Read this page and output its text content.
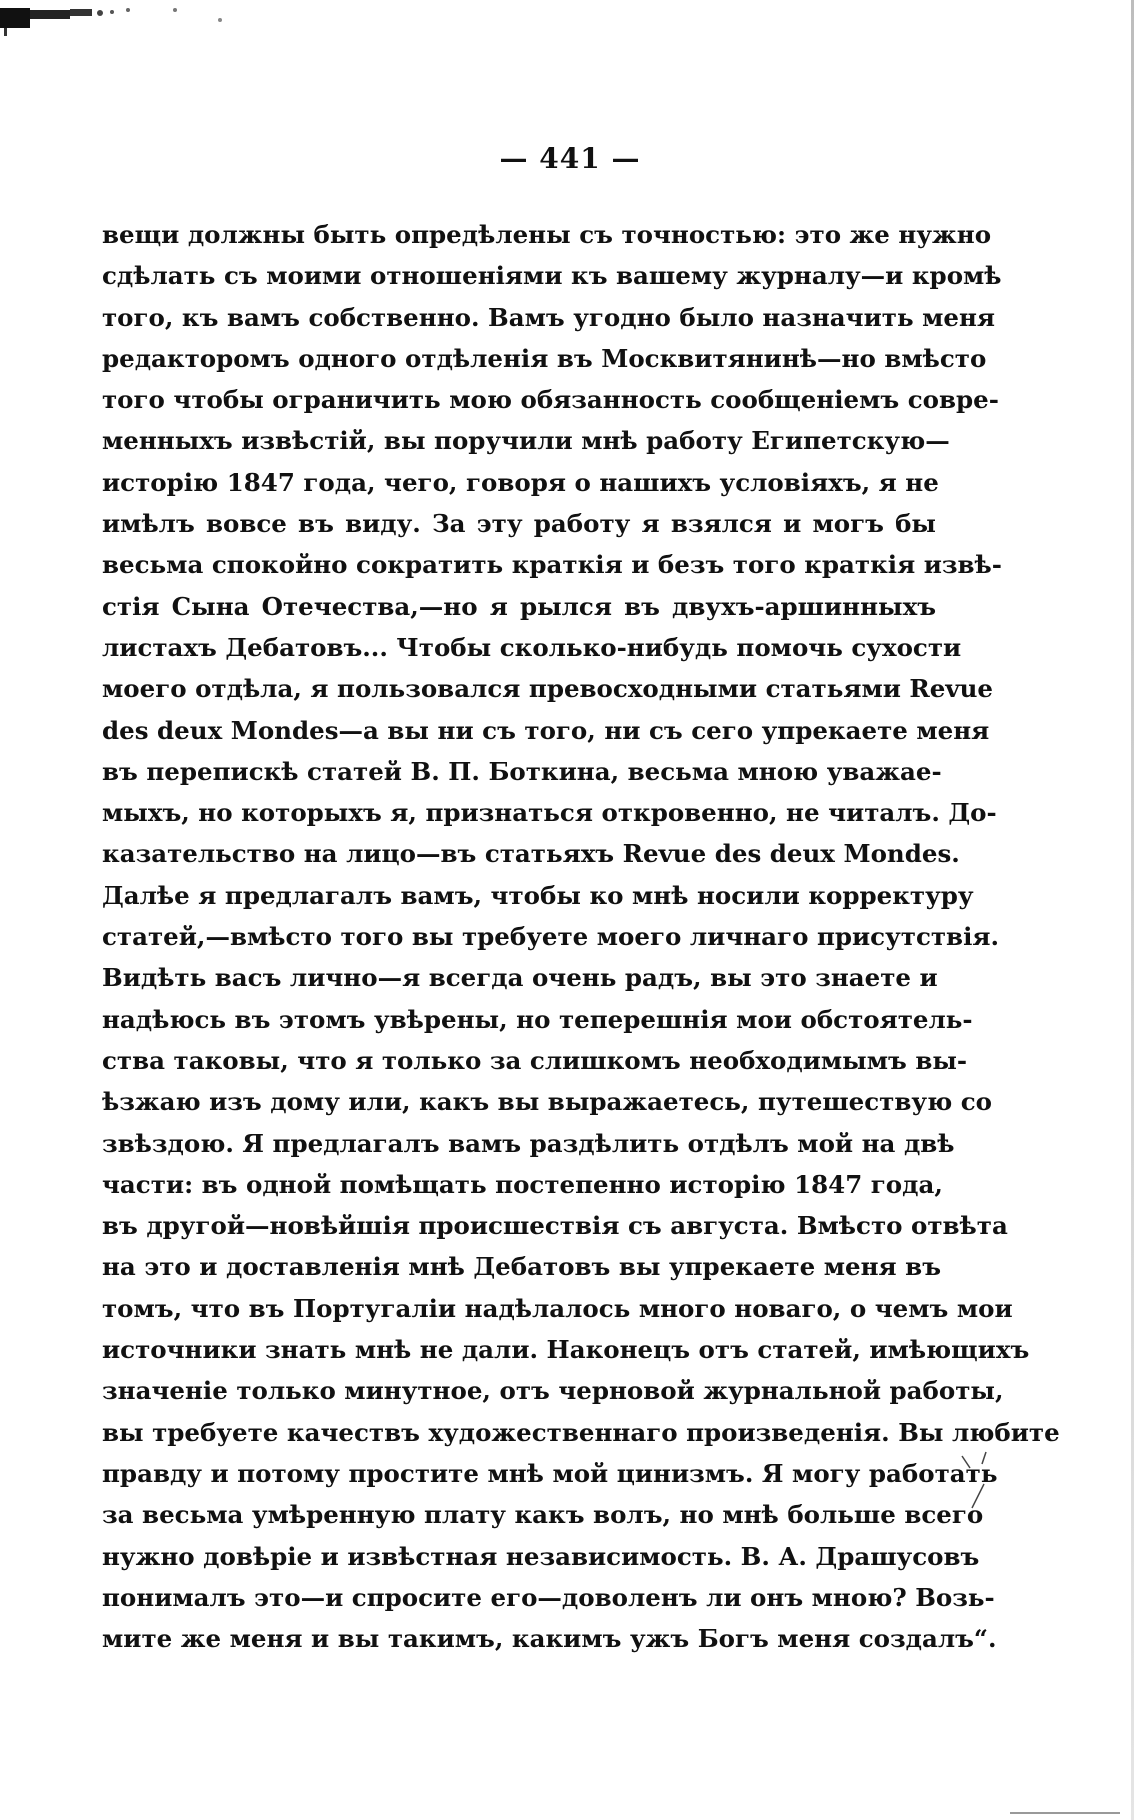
— 441 —
вещи должны быть опредѣлены съ точностью: это же нужно
сдѣлать съ моими отношеніями къ вашему журналу—и кромѣ
того, къ вамъ собственно. Вамъ угодно было назначить меня
редакторомъ одного отдѣленія въ Москвитянинѣ—но вмѣсто
того чтобы ограничить мою обязанность сообщеніемъ совре-
менныхъ извѣстій, вы поручили мнѣ работу Египетскую—
исторію 1847 года, чего, говоря о нашихъ условіяхъ, я не
имѣлъ вовсе въ виду. За эту работу я взялся и могъ бы
весьма спокойно сократить краткія и безъ того краткія извѣ-
стія Сына Отечества,—но я рылся въ двухъ-аршинныхъ
листахъ Дебатовъ... Чтобы сколько-нибудь помочь сухости
моего отдѣла, я пользовался превосходными статьями Revue
des deux Mondes—а вы ни съ того, ни съ сего упрекаете меня
въ перепискѣ статей В. П. Боткина, весьма мною уважае-
мыхъ, но которыхъ я, признаться откровенно, не читалъ. До-
казательство на лицо—въ статьяхъ Revue des deux Mondes.
Далѣе я предлагалъ вамъ, чтобы ко мнѣ носили корректуру
статей,—вмѣсто того вы требуете моего личнаго присутствія.
Видѣть васъ лично—я всегда очень радъ, вы это знаете и
надѣюсь въ этомъ увѣрены, но теперешнія мои обстоятель-
ства таковы, что я только за слишкомъ необходимымъ вы-
ѣзжаю изъ дому или, какъ вы выражаетесь, путешествую со
звѣздою. Я предлагалъ вамъ раздѣлить отдѣлъ мой на двѣ
части: въ одной помѣщать постепенно исторію 1847 года,
въ другой—новѣйшія происшествія съ августа. Вмѣсто отвѣта
на это и доставленія мнѣ Дебатовъ вы упрекаете меня въ
томъ, что въ Португаліи надѣлалось много новаго, о чемъ мои
источники знать мнѣ не дали. Наконецъ отъ статей, имѣющихъ
значеніе только минутное, отъ черновой журнальной работы,
вы требуете качествъ художественнаго произведенія. Вы любите
правду и потому простите мнѣ мой цинизмъ. Я могу работать
за весьма умѣренную плату какъ волъ, но мнѣ больше всего
нужно довѣріе и извѣстная независимость. В. А. Драшусовъ
понималъ это—и спросите его—доволенъ ли онъ мною? Возь-
мите же меня и вы такимъ, какимъ ужъ Богъ меня создалъ“.
